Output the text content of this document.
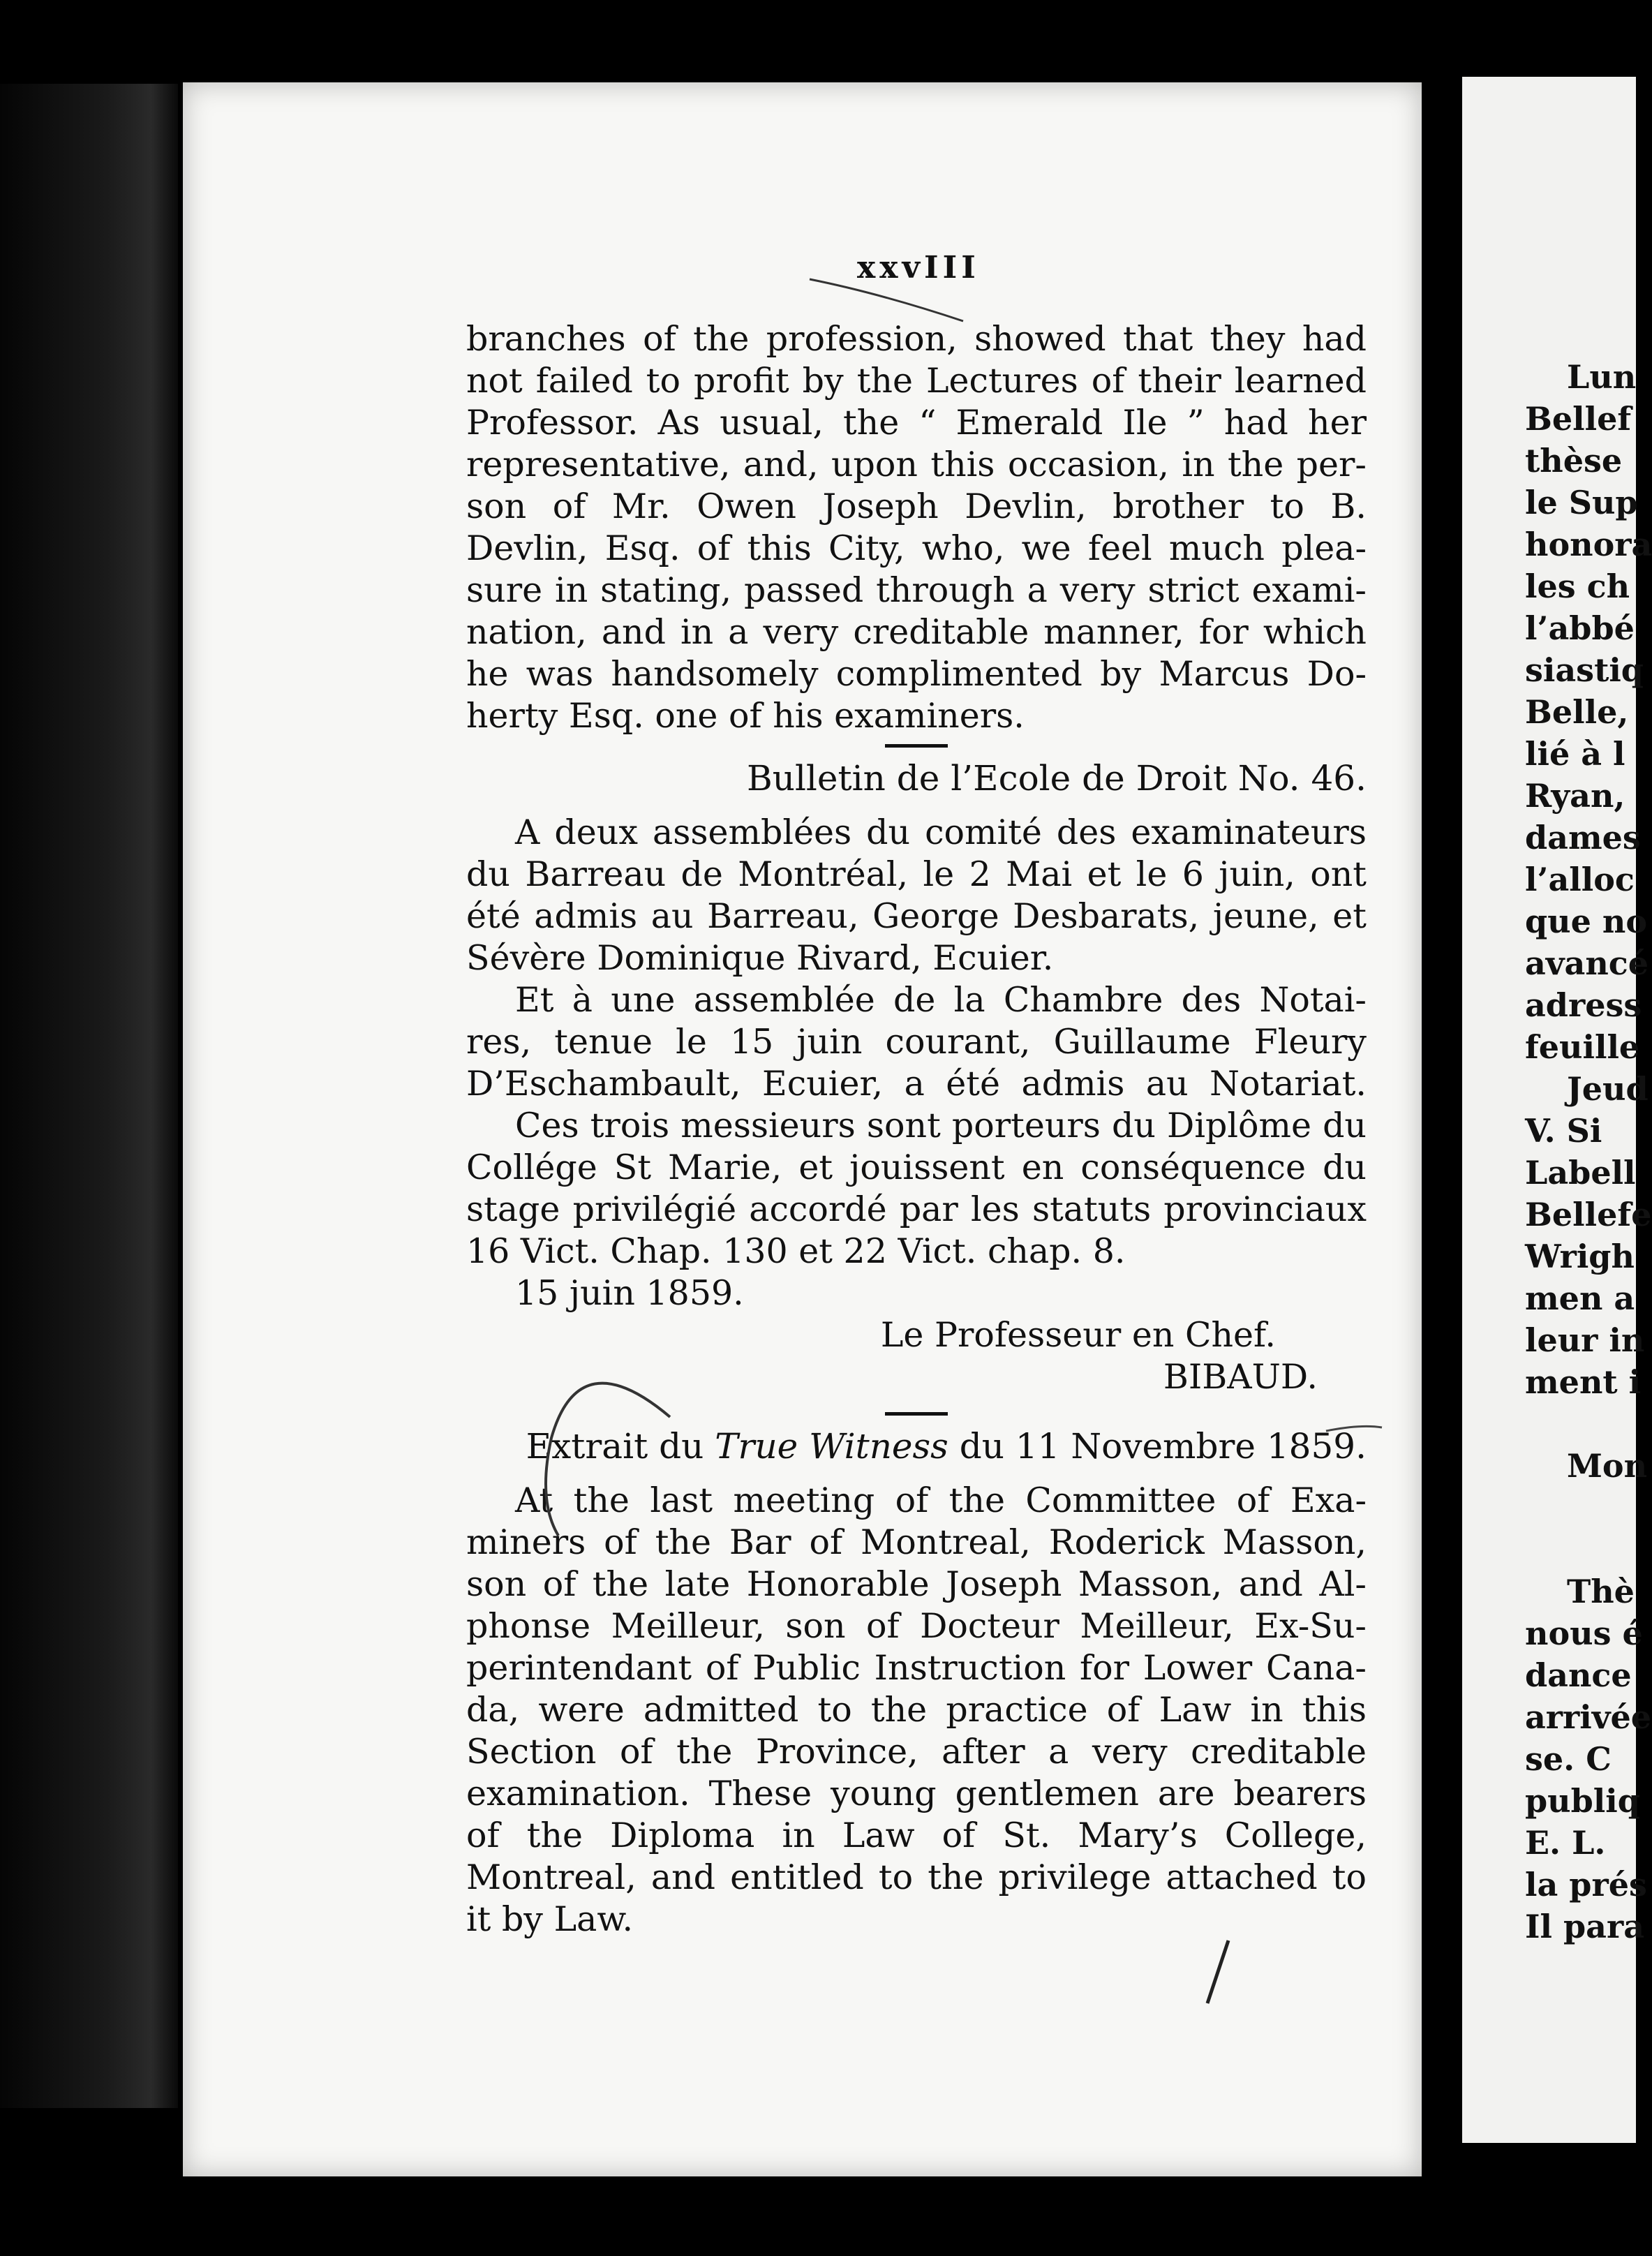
xxvIII
branches of the profession, showed that they had
not failed to profit by the Lectures of their learned
Professor. As usual, the “ Emerald Ile ” had her
representative, and, upon this occasion, in the per-
son of Mr. Owen Joseph Devlin, brother to B.
Devlin, Esq. of this City, who, we feel much plea-
sure in stating, passed through a very strict exami-
nation, and in a very creditable manner, for which
he was handsomely complimented by Marcus Do-
herty Esq. one of his examiners.
Bulletin de l’Ecole de Droit No. 46.
A deux assemblées du comité des examinateurs
du Barreau de Montréal, le 2 Mai et le 6 juin, ont
été admis au Barreau, George Desbarats, jeune, et
Sévère Dominique Rivard, Ecuier.
Et à une assemblée de la Chambre des Notai-
res, tenue le 15 juin courant, Guillaume Fleury
D’Eschambault, Ecuier, a été admis au Notariat.
Ces trois messieurs sont porteurs du Diplôme du
Collége St Marie, et jouissent en conséquence du
stage privilégié accordé par les statuts provinciaux
16 Vict. Chap. 130 et 22 Vict. chap. 8.
15 juin 1859.
Le Professeur en Chef.
BIBAUD.
Extrait du True Witness du 11 Novembre 1859.
At the last meeting of the Committee of Exa-
miners of the Bar of Montreal, Roderick Masson,
son of the late Honorable Joseph Masson, and Al-
phonse Meilleur, son of Docteur Meilleur, Ex-Su-
perintendant of Public Instruction for Lower Cana-
da, were admitted to the practice of Law in this
Section of the Province, after a very creditable
examination. These young gentlemen are bearers
of the Diploma in Law of St. Mary’s College,
Montreal, and entitled to the privilege attached to
it by Law.
Lun
Bellef
thèse
le Sup
honora
les ch
l’abbé
siastiq
Belle,
lié à l
Ryan,
dames
l’alloc
que no
avancé
adress
feuille
Jeud
V. Si
Labell
Bellefe
Wrigh
men a
leur in
ment i
Mon
Thè
nous é
dance
arrivée
se. C
publiq
E. L.
la prés
Il para
